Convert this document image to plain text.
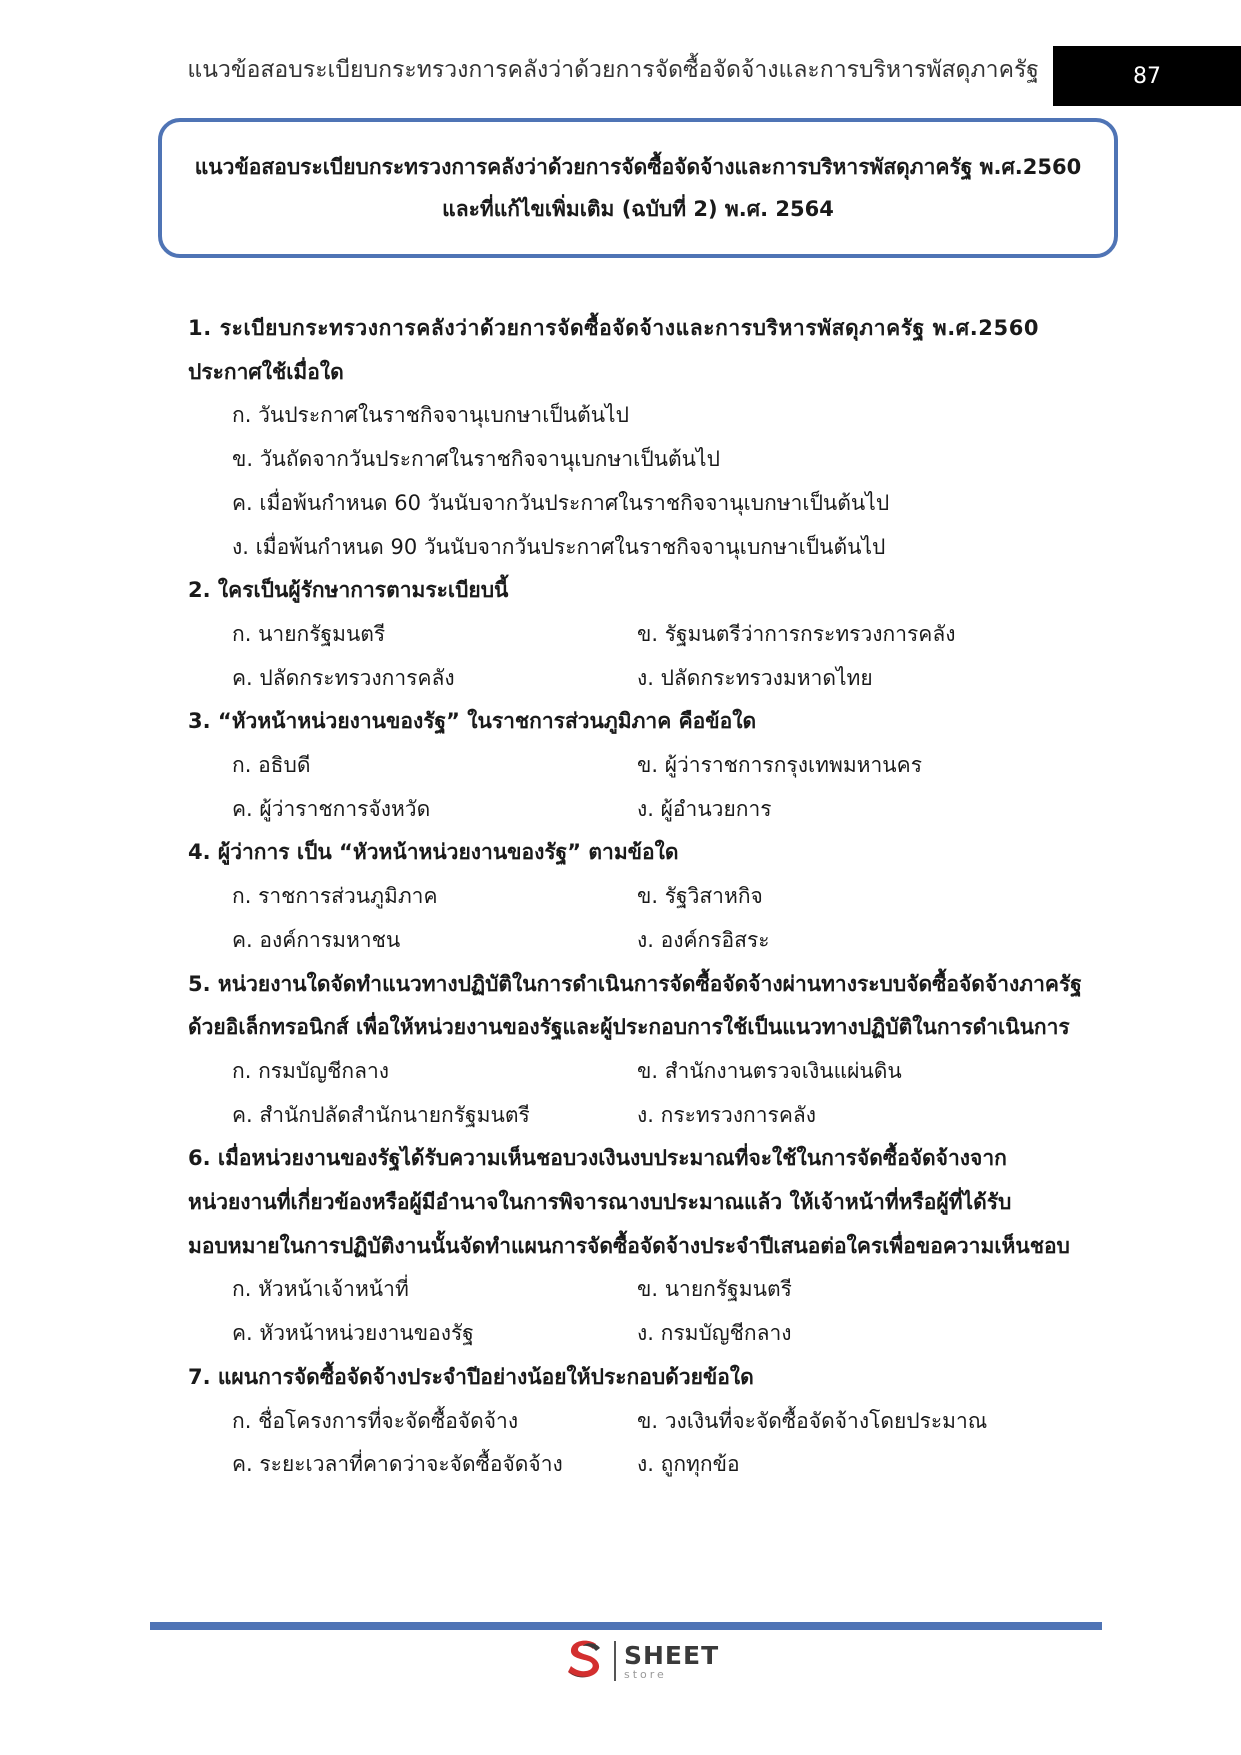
แนวข้อสอบระเบียบกระทรวงการคลังว่าด้วยการจัดซื้อจัดจ้างและการบริหารพัสดุภาครัฐ	87
แนวข้อสอบระเบียบกระทรวงการคลังว่าด้วยการจัดซื้อจัดจ้างและการบริหารพัสดุภาครัฐ พ.ศ.2560
และที่แก้ไขเพิ่มเติม (ฉบับที่ 2) พ.ศ. 2564
1. ระเบียบกระทรวงการคลังว่าด้วยการจัดซื้อจัดจ้างและการบริหารพัสดุภาครัฐ พ.ศ.2560
ประกาศใช้เมื่อใด
ก. วันประกาศในราชกิจจานุเบกษาเป็นต้นไป
ข. วันถัดจากวันประกาศในราชกิจจานุเบกษาเป็นต้นไป
ค. เมื่อพ้นกำหนด 60 วันนับจากวันประกาศในราชกิจจานุเบกษาเป็นต้นไป
ง. เมื่อพ้นกำหนด 90 วันนับจากวันประกาศในราชกิจจานุเบกษาเป็นต้นไป
2. ใครเป็นผู้รักษาการตามระเบียบนี้
ก. นายกรัฐมนตรี	ข. รัฐมนตรีว่าการกระทรวงการคลัง
ค. ปลัดกระทรวงการคลัง	ง. ปลัดกระทรวงมหาดไทย
3. “หัวหน้าหน่วยงานของรัฐ” ในราชการส่วนภูมิภาค คือข้อใด
ก. อธิบดี	ข. ผู้ว่าราชการกรุงเทพมหานคร
ค. ผู้ว่าราชการจังหวัด	ง. ผู้อำนวยการ
4. ผู้ว่าการ เป็น “หัวหน้าหน่วยงานของรัฐ” ตามข้อใด
ก. ราชการส่วนภูมิภาค	ข. รัฐวิสาหกิจ
ค. องค์การมหาชน	ง. องค์กรอิสระ
5. หน่วยงานใดจัดทำแนวทางปฏิบัติในการดำเนินการจัดซื้อจัดจ้างผ่านทางระบบจัดซื้อจัดจ้างภาครัฐ
ด้วยอิเล็กทรอนิกส์ เพื่อให้หน่วยงานของรัฐและผู้ประกอบการใช้เป็นแนวทางปฏิบัติในการดำเนินการ
ก. กรมบัญชีกลาง	ข. สำนักงานตรวจเงินแผ่นดิน
ค. สำนักปลัดสำนักนายกรัฐมนตรี	ง. กระทรวงการคลัง
6. เมื่อหน่วยงานของรัฐได้รับความเห็นชอบวงเงินงบประมาณที่จะใช้ในการจัดซื้อจัดจ้างจาก
หน่วยงานที่เกี่ยวข้องหรือผู้มีอำนาจในการพิจารณางบประมาณแล้ว ให้เจ้าหน้าที่หรือผู้ที่ได้รับ
มอบหมายในการปฏิบัติงานนั้นจัดทำแผนการจัดซื้อจัดจ้างประจำปีเสนอต่อใครเพื่อขอความเห็นชอบ
ก. หัวหน้าเจ้าหน้าที่	ข. นายกรัฐมนตรี
ค. หัวหน้าหน่วยงานของรัฐ	ง. กรมบัญชีกลาง
7. แผนการจัดซื้อจัดจ้างประจำปีอย่างน้อยให้ประกอบด้วยข้อใด
ก. ชื่อโครงการที่จะจัดซื้อจัดจ้าง	ข. วงเงินที่จะจัดซื้อจัดจ้างโดยประมาณ
ค. ระยะเวลาที่คาดว่าจะจัดซื้อจัดจ้าง	ง. ถูกทุกข้อ
SHEET
store
